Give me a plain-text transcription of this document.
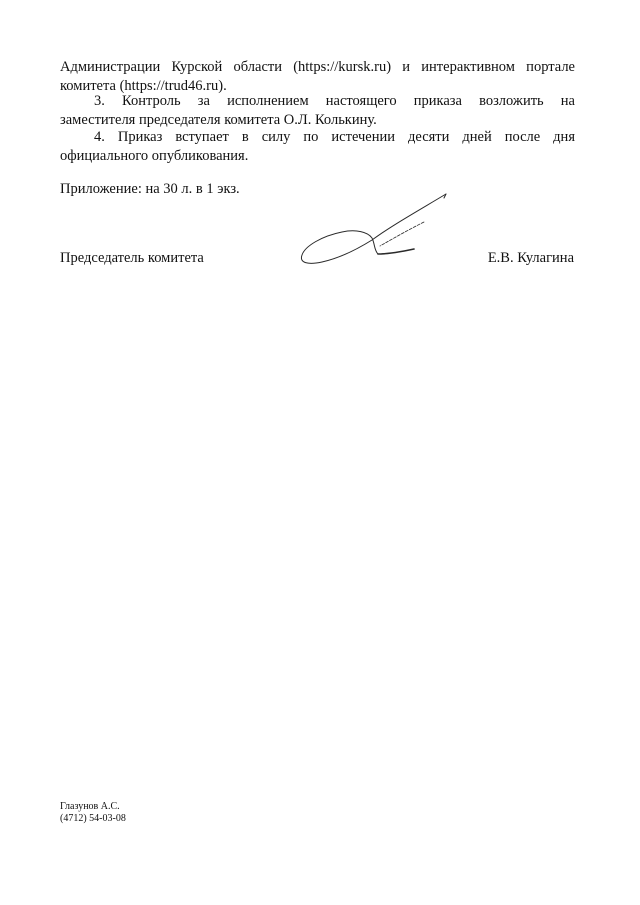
Администрации Курской области (https://kursk.ru) и интерактивном портале
комитета (https://trud46.ru).
3. Контроль за исполнением настоящего приказа возложить на
заместителя председателя комитета О.Л. Колькину.
4. Приказ вступает в силу по истечении десяти дней после дня
официального опубликования.

Приложение: на 30 л. в 1 экз.

Председатель комитета	Е.В. Кулагина

Глазунов А.С.
(4712) 54-03-08
